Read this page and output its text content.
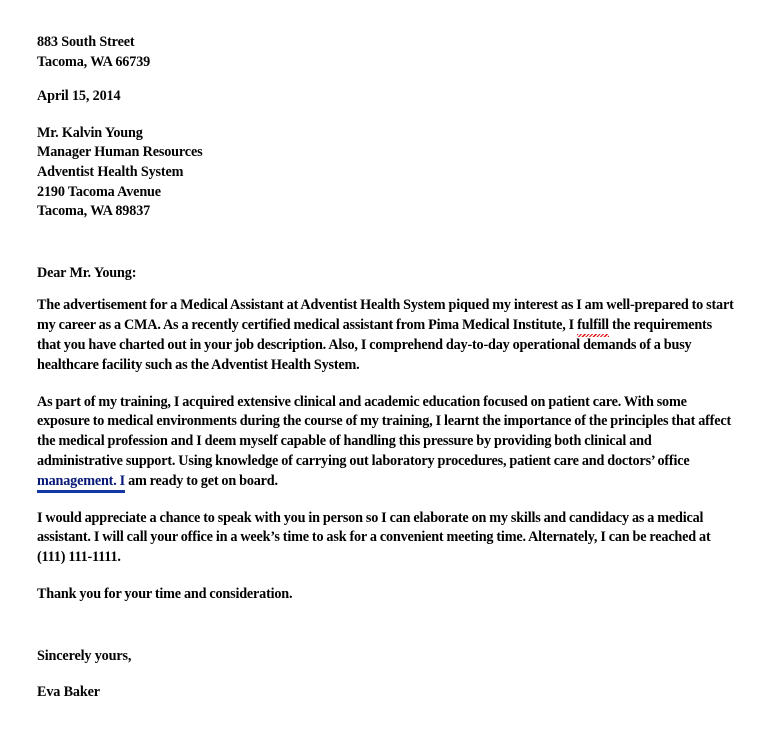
883 South Street
Tacoma, WA 66739
April 15, 2014
Mr. Kalvin Young
Manager Human Resources
Adventist Health System
2190 Tacoma Avenue
Tacoma, WA 89837
Dear Mr. Young:

The advertisement for a Medical Assistant at Adventist Health System piqued my interest as I am well-prepared to start my career as a CMA. As a recently certified medical assistant from Pima Medical Institute, I fulfill the requirements that you have charted out in your job description. Also, I comprehend day-to-day operational demands of a busy healthcare facility such as the Adventist Health System.

As part of my training, I acquired extensive clinical and academic education focused on patient care. With some exposure to medical environments during the course of my training, I learnt the importance of the principles that affect the medical profession and I deem myself capable of handling this pressure by providing both clinical and administrative support. Using knowledge of carrying out laboratory procedures, patient care and doctors’ office management. I am ready to get on board.

I would appreciate a chance to speak with you in person so I can elaborate on my skills and candidacy as a medical assistant. I will call your office in a week’s time to ask for a convenient meeting time. Alternately, I can be reached at (111) 111-1111.

Thank you for your time and consideration.

Sincerely yours,
Eva Baker
